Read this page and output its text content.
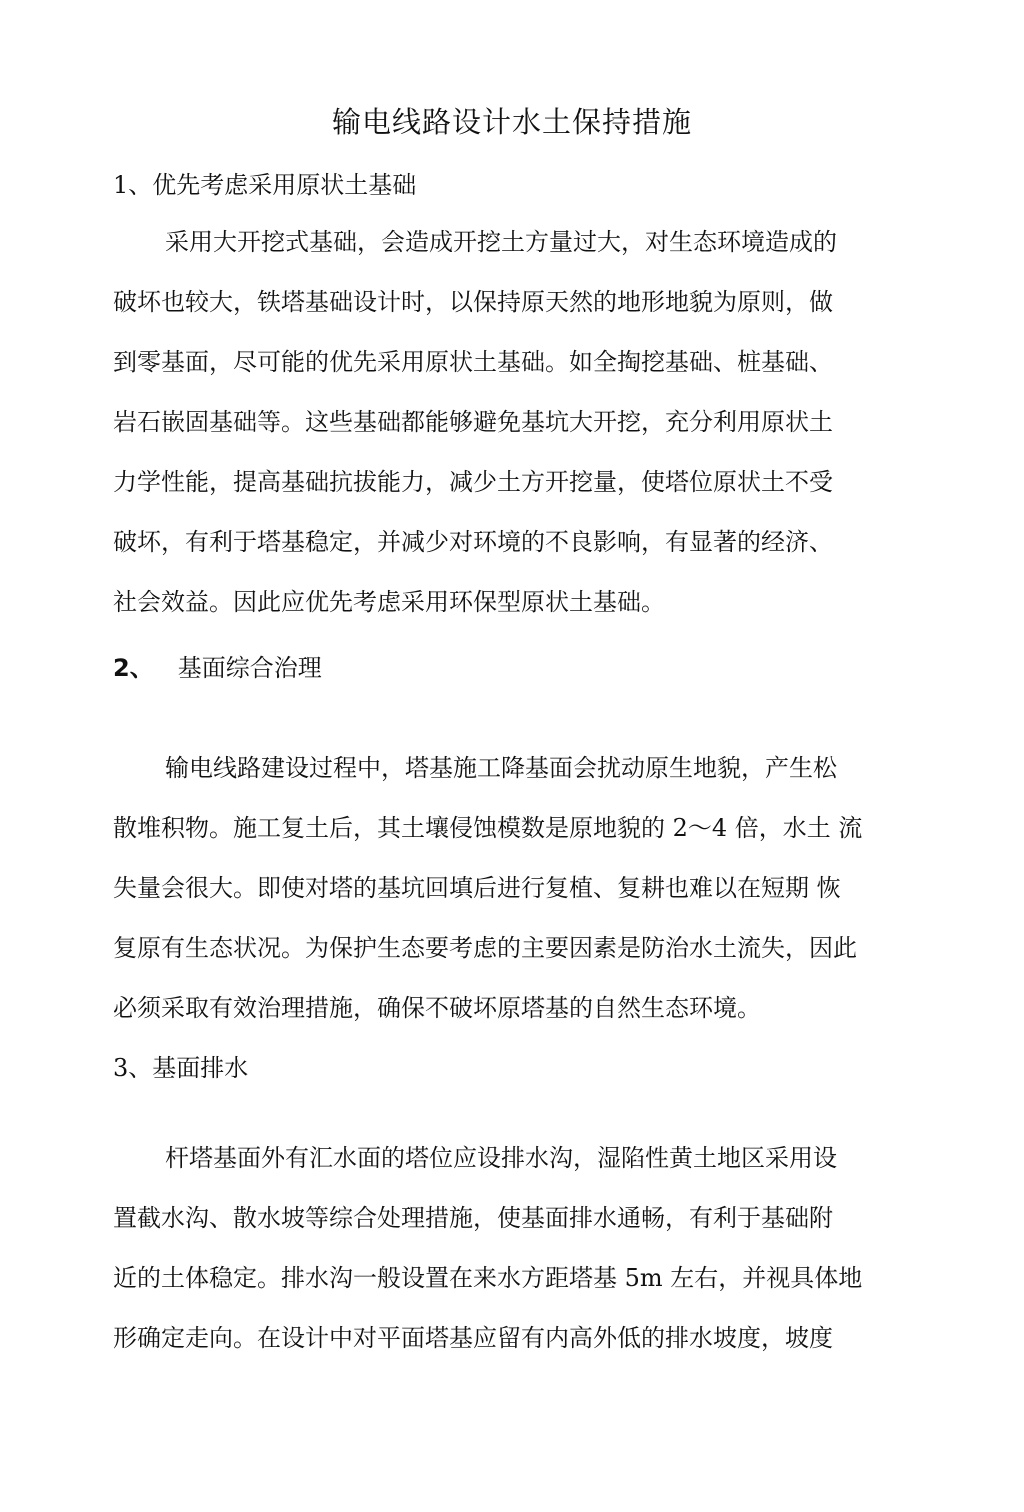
输电线路设计水土保持措施
1、优先考虑采用原状土基础
采用大开挖式基础，会造成开挖土方量过大，对生态环境造成的
破坏也较大，铁塔基础设计时，以保持原天然的地形地貌为原则，做
到零基面，尽可能的优先采用原状土基础。如全掏挖基础、桩基础、
岩石嵌固基础等。这些基础都能够避免基坑大开挖，充分利用原状土
力学性能，提高基础抗拔能力，减少土方开挖量，使塔位原状土不受
破坏，有利于塔基稳定，并减少对环境的不良影响，有显著的经济、
社会效益。因此应优先考虑采用环保型原状土基础。
2、 基面综合治理
输电线路建设过程中，塔基施工降基面会扰动原生地貌，产生松
散堆积物。施工复土后，其土壤侵蚀模数是原地貌的 2～4 倍，水土 流
失量会很大。即使对塔的基坑回填后进行复植、复耕也难以在短期 恢
复原有生态状况。为保护生态要考虑的主要因素是防治水土流失，因此
必须采取有效治理措施，确保不破坏原塔基的自然生态环境。
3、基面排水
杆塔基面外有汇水面的塔位应设排水沟，湿陷性黄土地区采用设
置截水沟、散水坡等综合处理措施，使基面排水通畅，有利于基础附
近的土体稳定。排水沟一般设置在来水方距塔基 5m 左右，并视具体地
形确定走向。在设计中对平面塔基应留有内高外低的排水坡度，坡度
